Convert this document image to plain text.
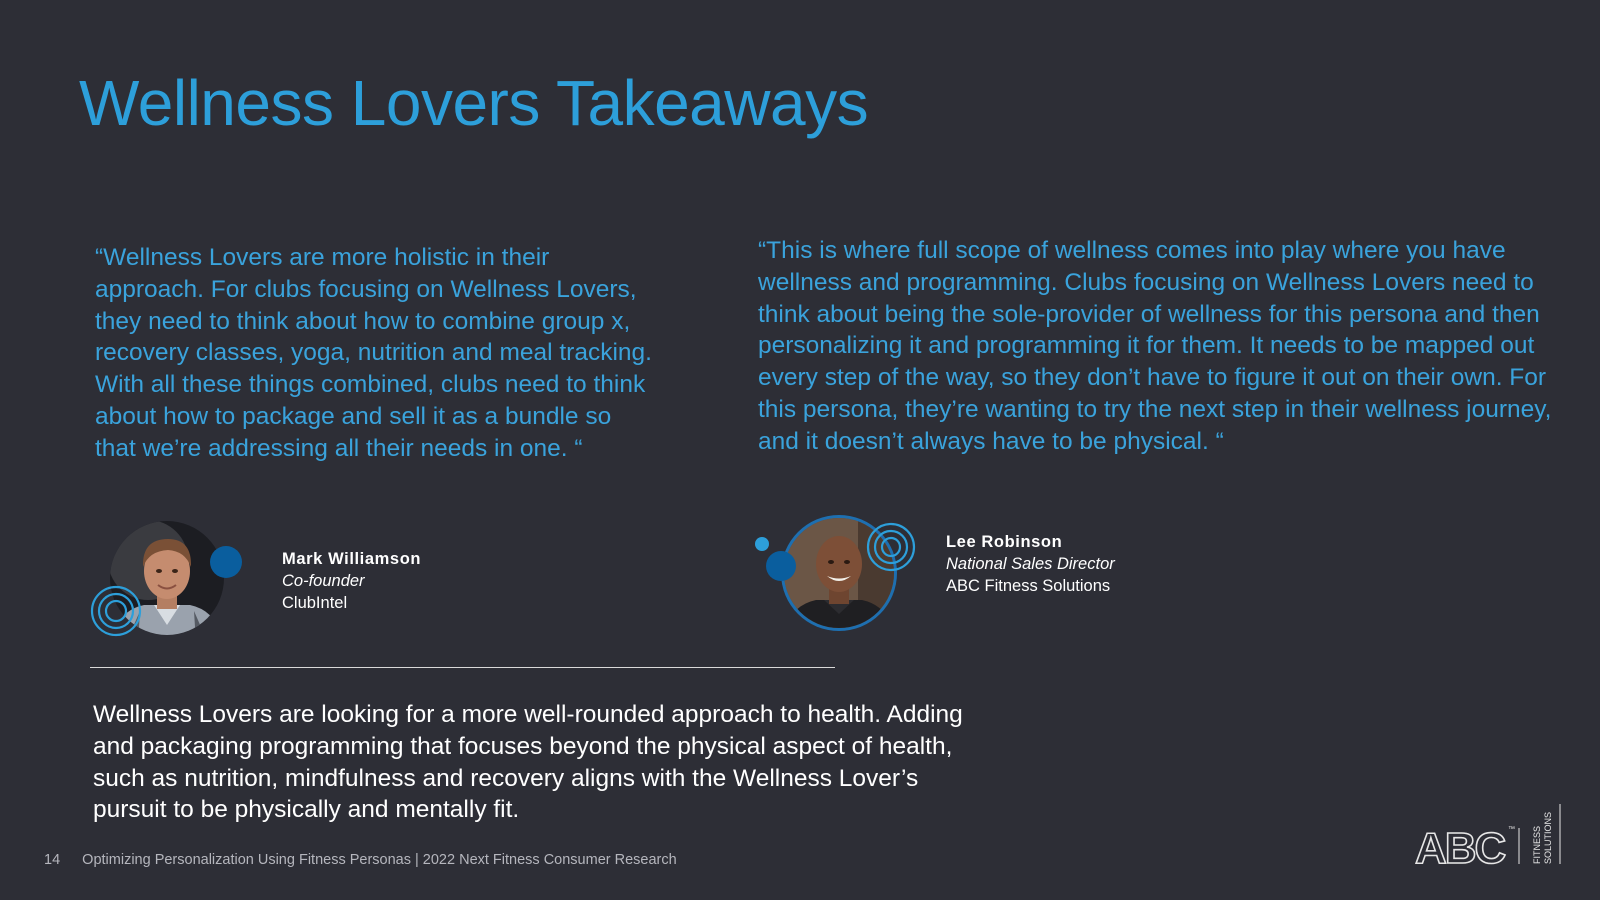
Wellness Lovers Takeaways

“Wellness Lovers are more holistic in their approach. For clubs focusing on Wellness Lovers, they need to think about how to combine group x, recovery classes, yoga, nutrition and meal tracking. With all these things combined, clubs need to think about how to package and sell it as a bundle so that we’re addressing all their needs in one. “

“This is where full scope of wellness comes into play where you have wellness and programming. Clubs focusing on Wellness Lovers need to think about being the sole-provider of wellness for this persona and then personalizing it and programming it for them. It needs to be mapped out every step of the way, so they don’t have to figure it out on their own. For this persona, they’re wanting to try the next step in their wellness journey, and it doesn’t always have to be physical. “

Mark Williamson
Co-founder
ClubIntel
Lee Robinson
National Sales Director
ABC Fitness Solutions

Wellness Lovers are looking for a more well-rounded approach to health. Adding and packaging programming that focuses beyond the physical aspect of health, such as nutrition, mindfulness and recovery aligns with the Wellness Lover’s pursuit to be physically and mentally fit.

14 Optimizing Personalization Using Fitness Personas | 2022 Next Fitness Consumer Research	ABC ™ FITNESS SOLUTIONS
